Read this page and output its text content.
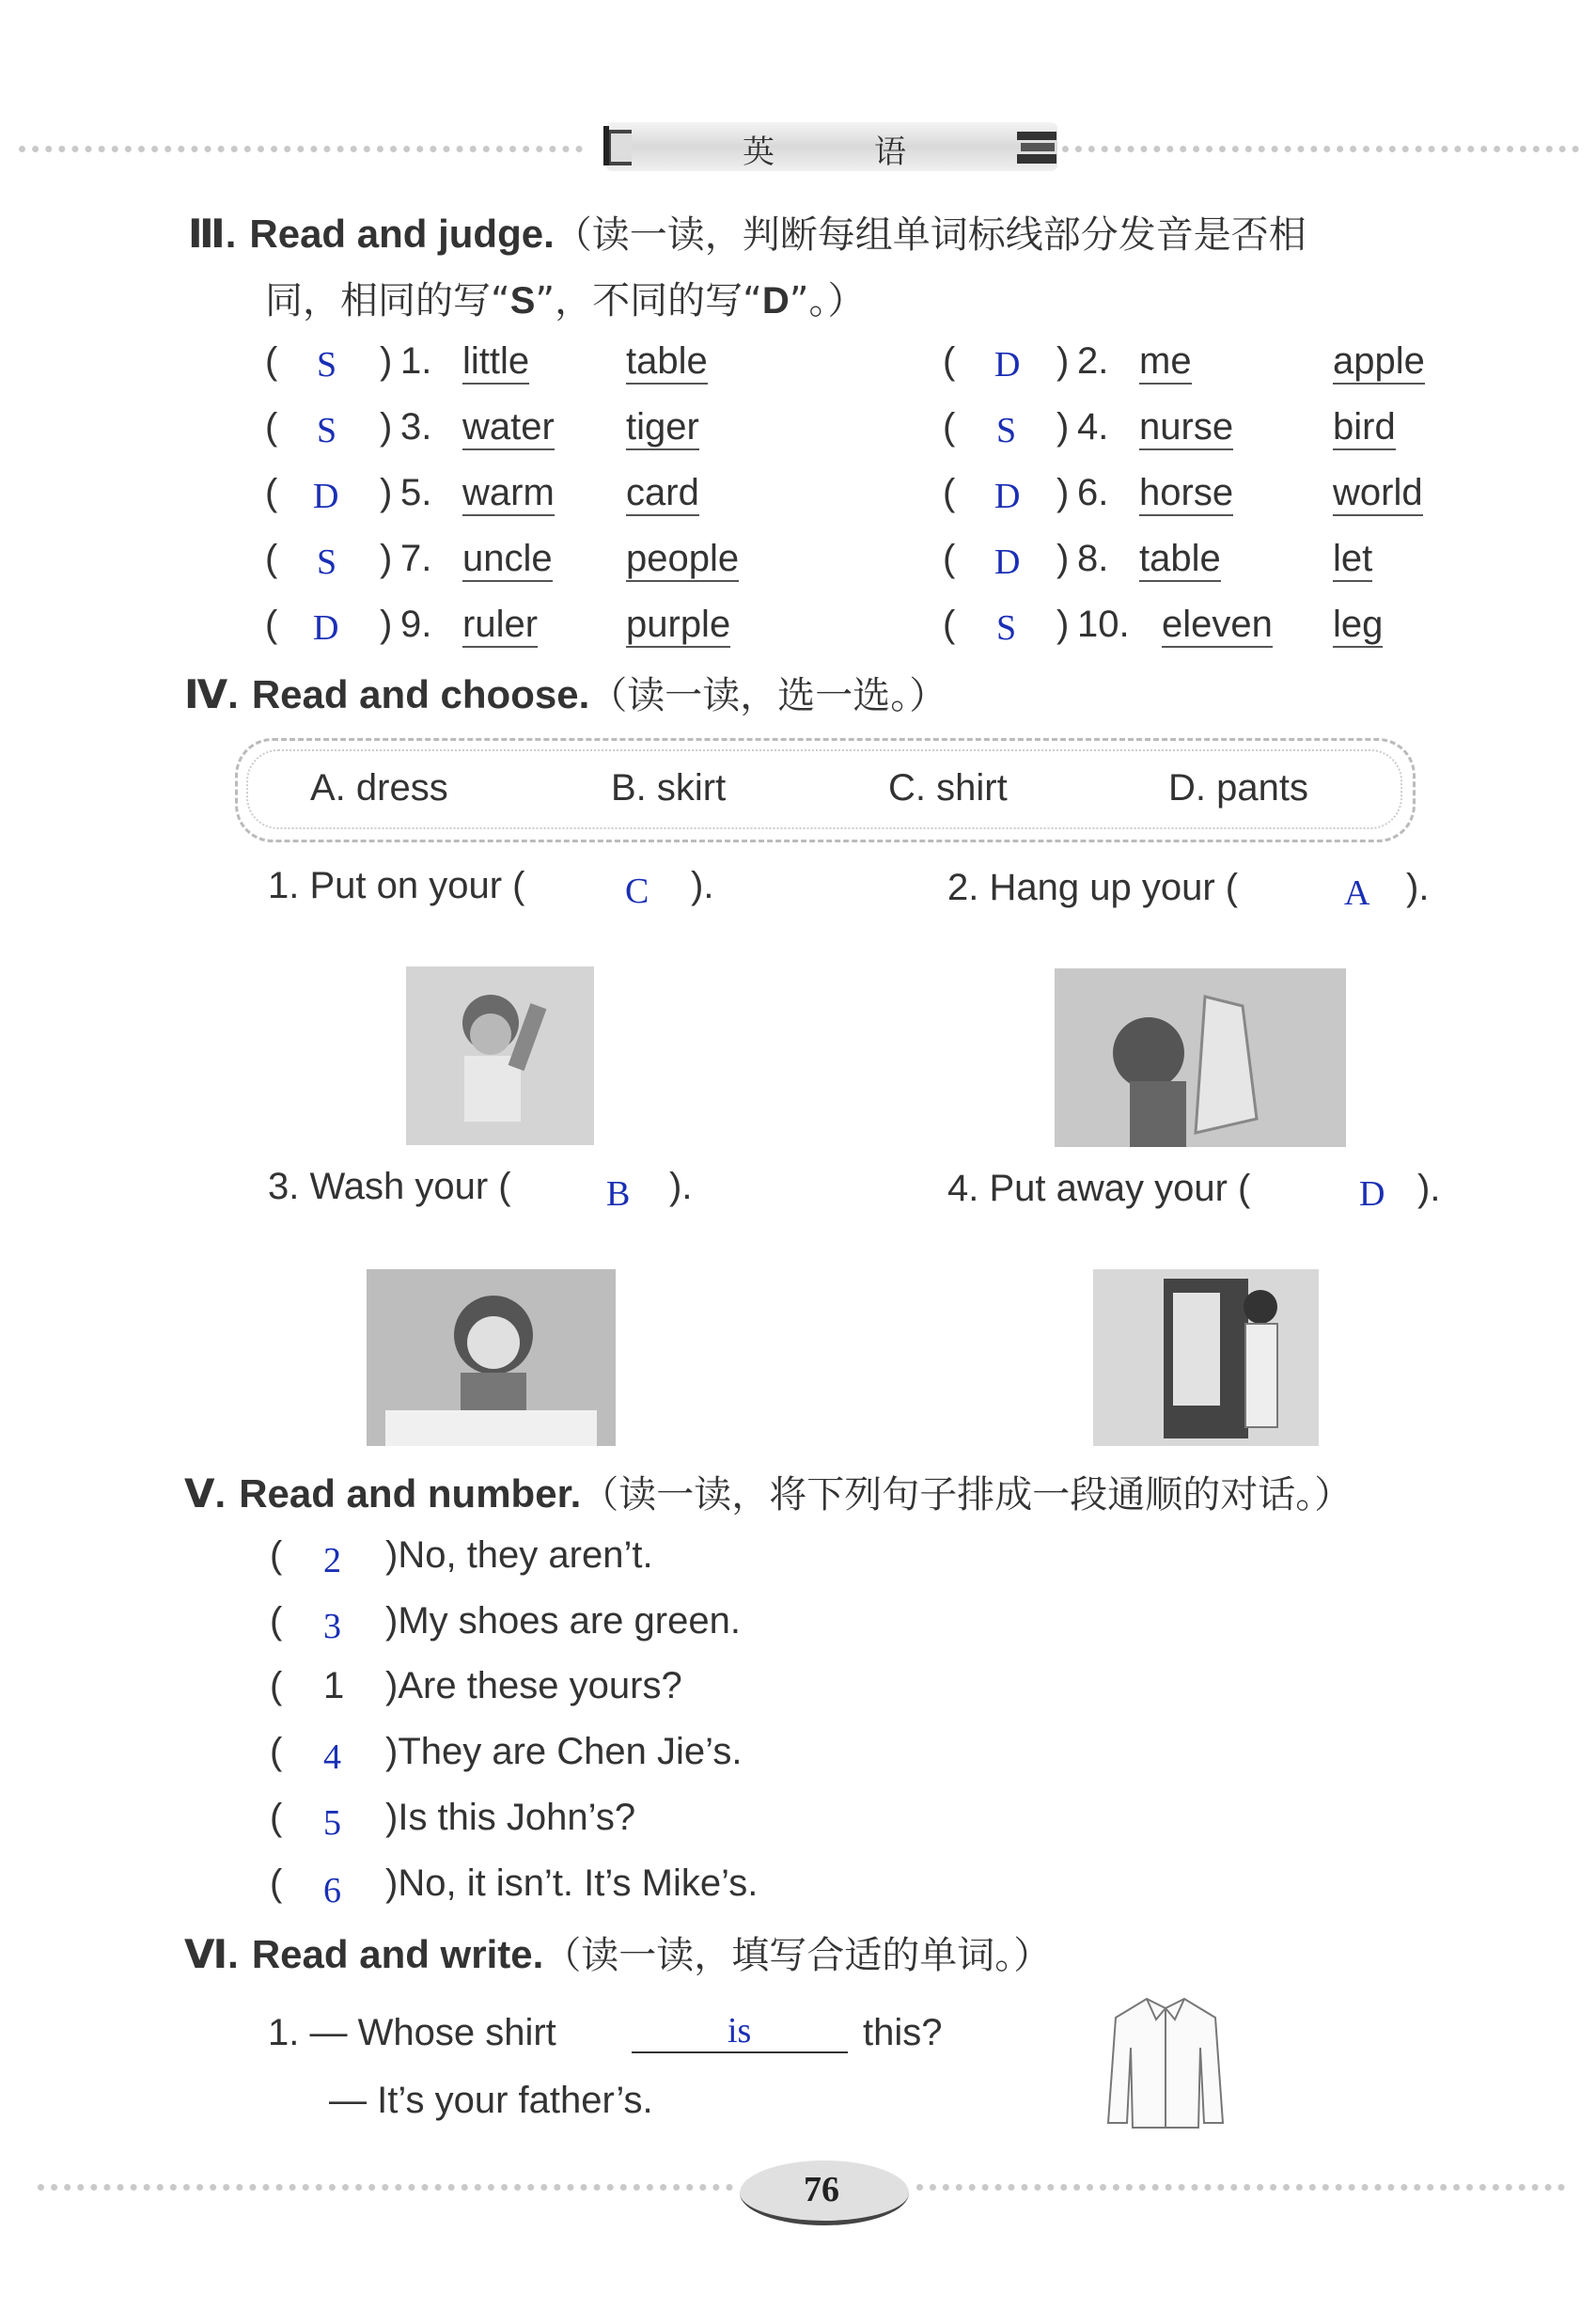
英	语
Ⅲ. Read and judge.（读一读，判断每组单词标线部分发音是否相
同，相同的写“S”，不同的写“D”。）
( S ) 1. little	table
( S ) 3. water tiger
( D ) 5. warm card
( S ) 7. uncle people
( D ) 9. ruler purple
( D ) 2. me	apple
( S ) 4. nurse	bird
( D ) 6. horse	world
( D ) 8. table	let
( S ) 10. eleven leg
Ⅳ. Read and choose.（读一读，选一选。）
A. dress	B. skirt	C. shirt	D. pants
1. Put on your (	C ).	2. Hang up your (	A ).
3. Wash your (	B ).	4. Put away your (	D ).
Ⅴ. Read and number.（读一读，将下列句子排成一段通顺的对话。）
( 2 )No, they aren’t.
( 3 )My shoes are green.
( 1 )Are these yours?
( 4 )They are Chen Jie’s.
( 5 )Is this John’s?
( 6 )No, it isn’t. It’s Mike’s.
Ⅵ. Read and write.（读一读，填写合适的单词。）
1. — Whose shirt	is	this?
— It’s your father’s.
76
